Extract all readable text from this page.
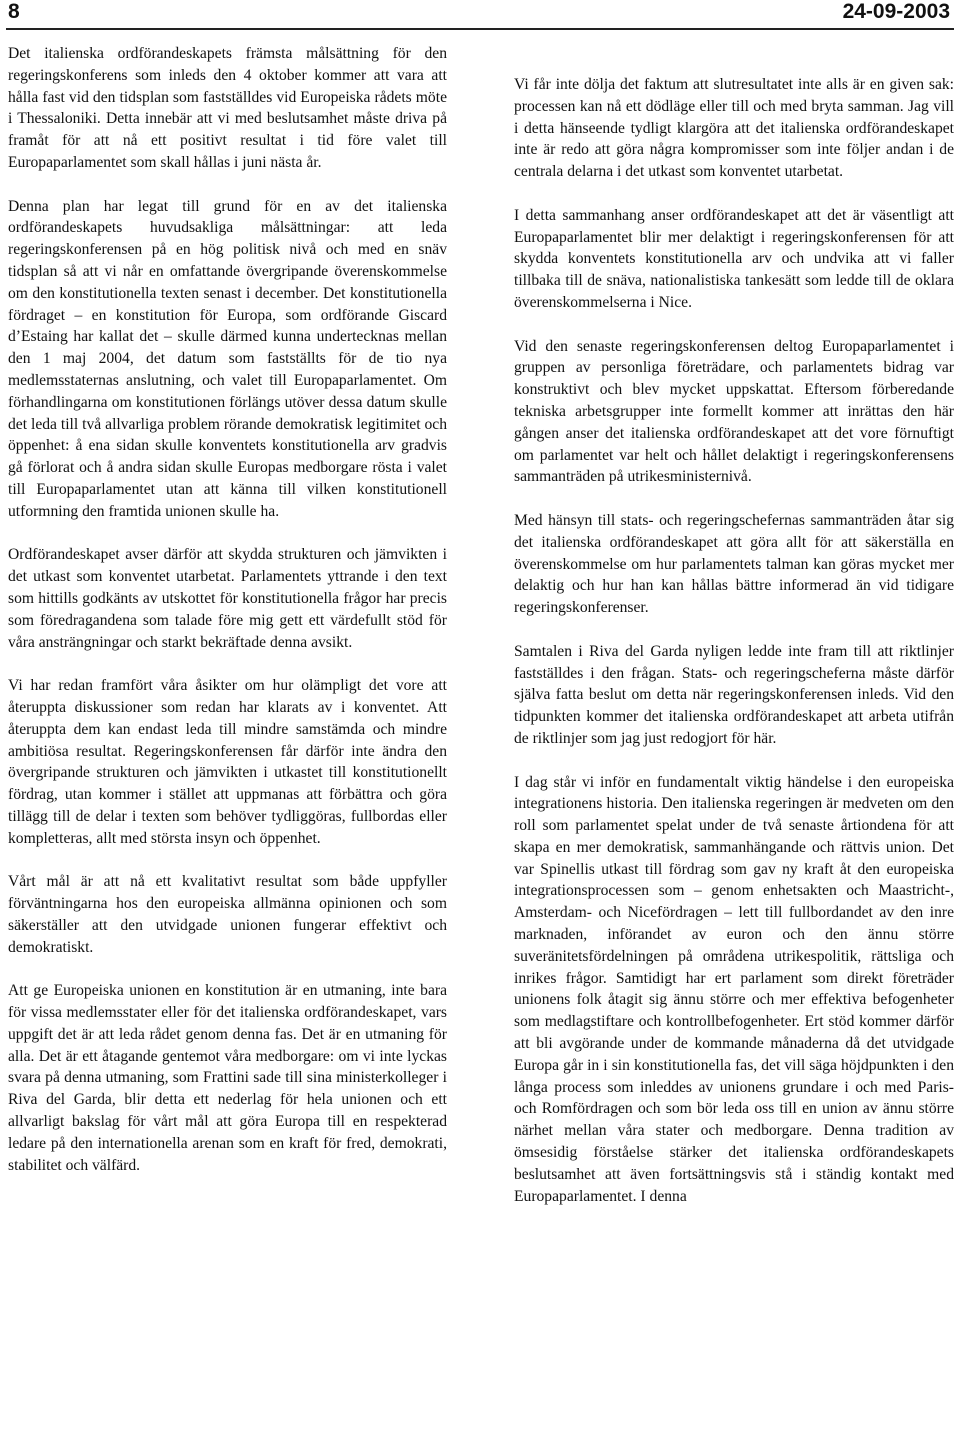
8	24-09-2003

Det italienska ordförandeskapets främsta målsättning för den regeringskonferens som inleds den 4 oktober kommer att vara att hålla fast vid den tidsplan som fastställdes vid Europeiska rådets möte i Thessaloniki. Detta innebär att vi med beslutsamhet måste driva på framåt för att nå ett positivt resultat i tid före valet till Europaparlamentet som skall hållas i juni nästa år.

Denna plan har legat till grund för en av det italienska ordförandeskapets huvudsakliga målsättningar: att leda regeringskonferensen på en hög politisk nivå och med en snäv tidsplan så att vi når en omfattande övergripande överenskommelse om den konstitutionella texten senast i december. Det konstitutionella fördraget – en konstitution för Europa, som ordförande Giscard d’Estaing har kallat det – skulle därmed kunna undertecknas mellan den 1 maj 2004, det datum som fastställts för de tio nya medlemsstaternas anslutning, och valet till Europaparlamentet. Om förhandlingarna om konstitutionen förlängs utöver dessa datum skulle det leda till två allvarliga problem rörande demokratisk legitimitet och öppenhet: å ena sidan skulle konventets konstitutionella arv gradvis gå förlorat och å andra sidan skulle Europas medborgare rösta i valet till Europaparlamentet utan att känna till vilken konstitutionell utformning den framtida unionen skulle ha.

Ordförandeskapet avser därför att skydda strukturen och jämvikten i det utkast som konventet utarbetat. Parlamentets yttrande i den text som hittills godkänts av utskottet för konstitutionella frågor har precis som föredragandena som talade före mig gett ett värdefullt stöd för våra ansträngningar och starkt bekräftade denna avsikt.

Vi har redan framfört våra åsikter om hur olämpligt det vore att återuppta diskussioner som redan har klarats av i konventet. Att återuppta dem kan endast leda till mindre samstämda och mindre ambitiösa resultat. Regeringskonferensen får därför inte ändra den övergripande strukturen och jämvikten i utkastet till konstitutionellt fördrag, utan kommer i stället att uppmanas att förbättra och göra tillägg till de delar i texten som behöver tydliggöras, fullbordas eller kompletteras, allt med största insyn och öppenhet.

Vårt mål är att nå ett kvalitativt resultat som både uppfyller förväntningarna hos den europeiska allmänna opinionen och som säkerställer att den utvidgade unionen fungerar effektivt och demokratiskt.

Att ge Europeiska unionen en konstitution är en utmaning, inte bara för vissa medlemsstater eller för det italienska ordförandeskapet, vars uppgift det är att leda rådet genom denna fas. Det är en utmaning för alla. Det är ett åtagande gentemot våra medborgare: om vi inte lyckas svara på denna utmaning, som Frattini sade till sina ministerkolleger i Riva del Garda, blir detta ett nederlag för hela unionen och ett allvarligt bakslag för vårt mål att göra Europa till en respekterad ledare på den internationella arenan som en kraft för fred, demokrati, stabilitet och välfärd.

Vi får inte dölja det faktum att slutresultatet inte alls är en given sak: processen kan nå ett dödläge eller till och med bryta samman. Jag vill i detta hänseende tydligt klargöra att det italienska ordförandeskapet inte är redo att göra några kompromisser som inte följer andan i de centrala delarna i det utkast som konventet utarbetat.

I detta sammanhang anser ordförandeskapet att det är väsentligt att Europaparlamentet blir mer delaktigt i regeringskonferensen för att skydda konventets konstitutionella arv och undvika att vi faller tillbaka till de snäva, nationalistiska tankesätt som ledde till de oklara överenskommelserna i Nice.

Vid den senaste regeringskonferensen deltog Europaparlamentet i gruppen av personliga företrädare, och parlamentets bidrag var konstruktivt och blev mycket uppskattat. Eftersom förberedande tekniska arbetsgrupper inte formellt kommer att inrättas den här gången anser det italienska ordförandeskapet att det vore förnuftigt om parlamentet var helt och hållet delaktigt i regeringskonferensens sammanträden på utrikesministernivå.

Med hänsyn till stats- och regeringschefernas sammanträden åtar sig det italienska ordförandeskapet att göra allt för att säkerställa en överenskommelse om hur parlamentets talman kan göras mycket mer delaktig och hur han kan hållas bättre informerad än vid tidigare regeringskonferenser.

Samtalen i Riva del Garda nyligen ledde inte fram till att riktlinjer fastställdes i den frågan. Stats- och regeringscheferna måste därför själva fatta beslut om detta när regeringskonferensen inleds. Vid den tidpunkten kommer det italienska ordförandeskapet att arbeta utifrån de riktlinjer som jag just redogjort för här.

I dag står vi inför en fundamentalt viktig händelse i den europeiska integrationens historia. Den italienska regeringen är medveten om den roll som parlamentet spelat under de två senaste årtiondena för att skapa en mer demokratisk, sammanhängande och rättvis union. Det var Spinellis utkast till fördrag som gav ny kraft åt den europeiska integrationsprocessen som – genom enhetsakten och Maastricht-, Amsterdam- och Nicefördragen – lett till fullbordandet av den inre marknaden, införandet av euron och den ännu större suveränitetsfördelningen på områdena utrikespolitik, rättsliga och inrikes frågor. Samtidigt har ert parlament som direkt företräder unionens folk åtagit sig ännu större och mer effektiva befogenheter som medlagstiftare och kontrollbefogenheter. Ert stöd kommer därför att bli avgörande under de kommande månaderna då det utvidgade Europa går in i sin konstitutionella fas, det vill säga höjdpunkten i den långa process som inleddes av unionens grundare i och med Paris- och Romfördragen och som bör leda oss till en union av ännu större närhet mellan våra stater och medborgare. Denna tradition av ömsesidig förståelse stärker det italienska ordförandeskapets beslutsamhet att även fortsättningsvis stå i ständig kontakt med Europaparlamentet. I denna
